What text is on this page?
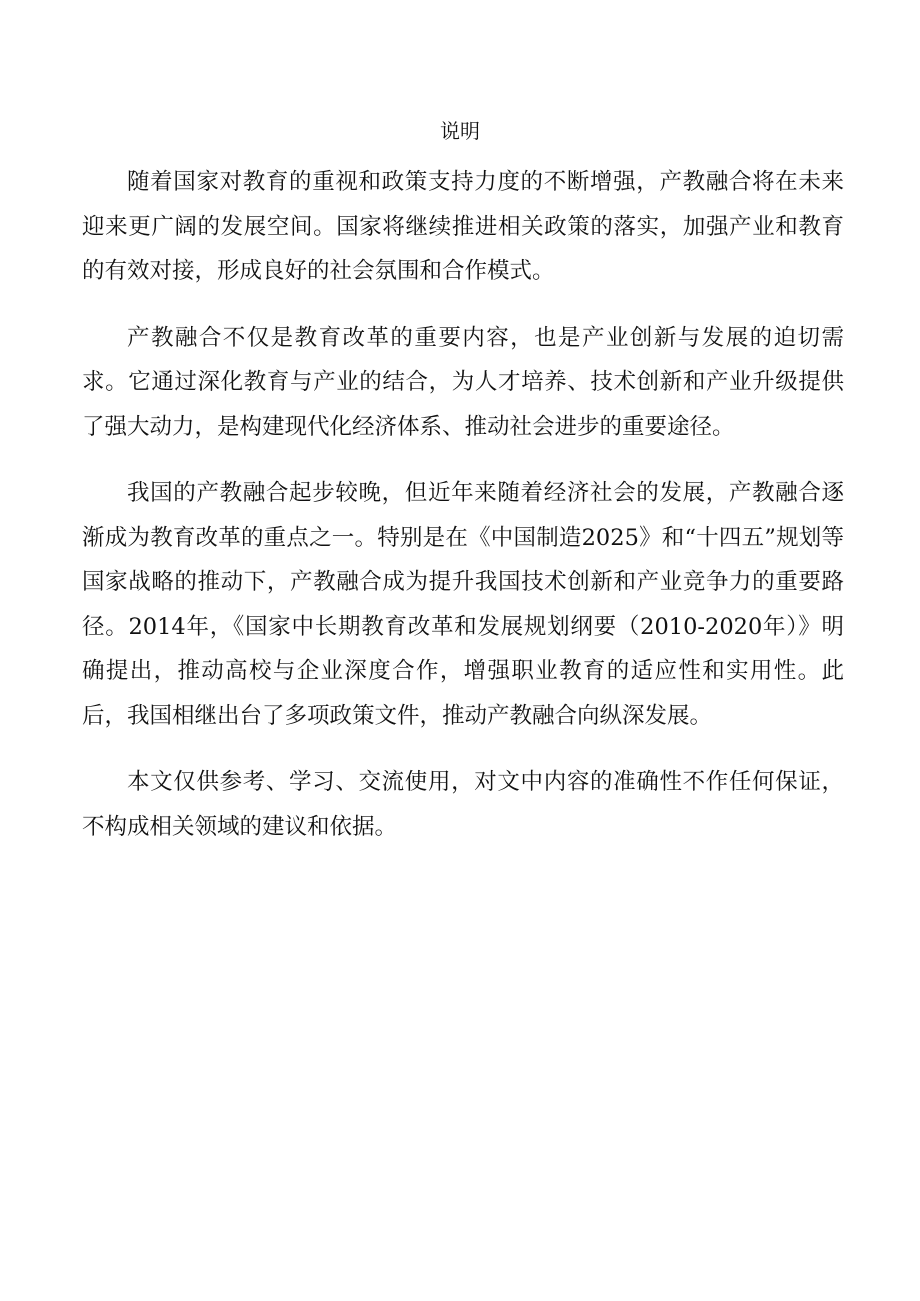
说明

随着国家对教育的重视和政策支持力度的不断增强，产教融合将在未来迎来更广阔的发展空间。国家将继续推进相关政策的落实，加强产业和教育的有效对接，形成良好的社会氛围和合作模式。

产教融合不仅是教育改革的重要内容，也是产业创新与发展的迫切需求。它通过深化教育与产业的结合，为人才培养、技术创新和产业升级提供了强大动力，是构建现代化经济体系、推动社会进步的重要途径。

我国的产教融合起步较晚，但近年来随着经济社会的发展，产教融合逐渐成为教育改革的重点之一。特别是在《中国制造2025》和“十四五”规划等国家战略的推动下，产教融合成为提升我国技术创新和产业竞争力的重要路径。2014年，《国家中长期教育改革和发展规划纲要（2010-2020年）》明确提出，推动高校与企业深度合作，增强职业教育的适应性和实用性。此后，我国相继出台了多项政策文件，推动产教融合向纵深发展。

本文仅供参考、学习、交流使用，对文中内容的准确性不作任何保证，不构成相关领域的建议和依据。
